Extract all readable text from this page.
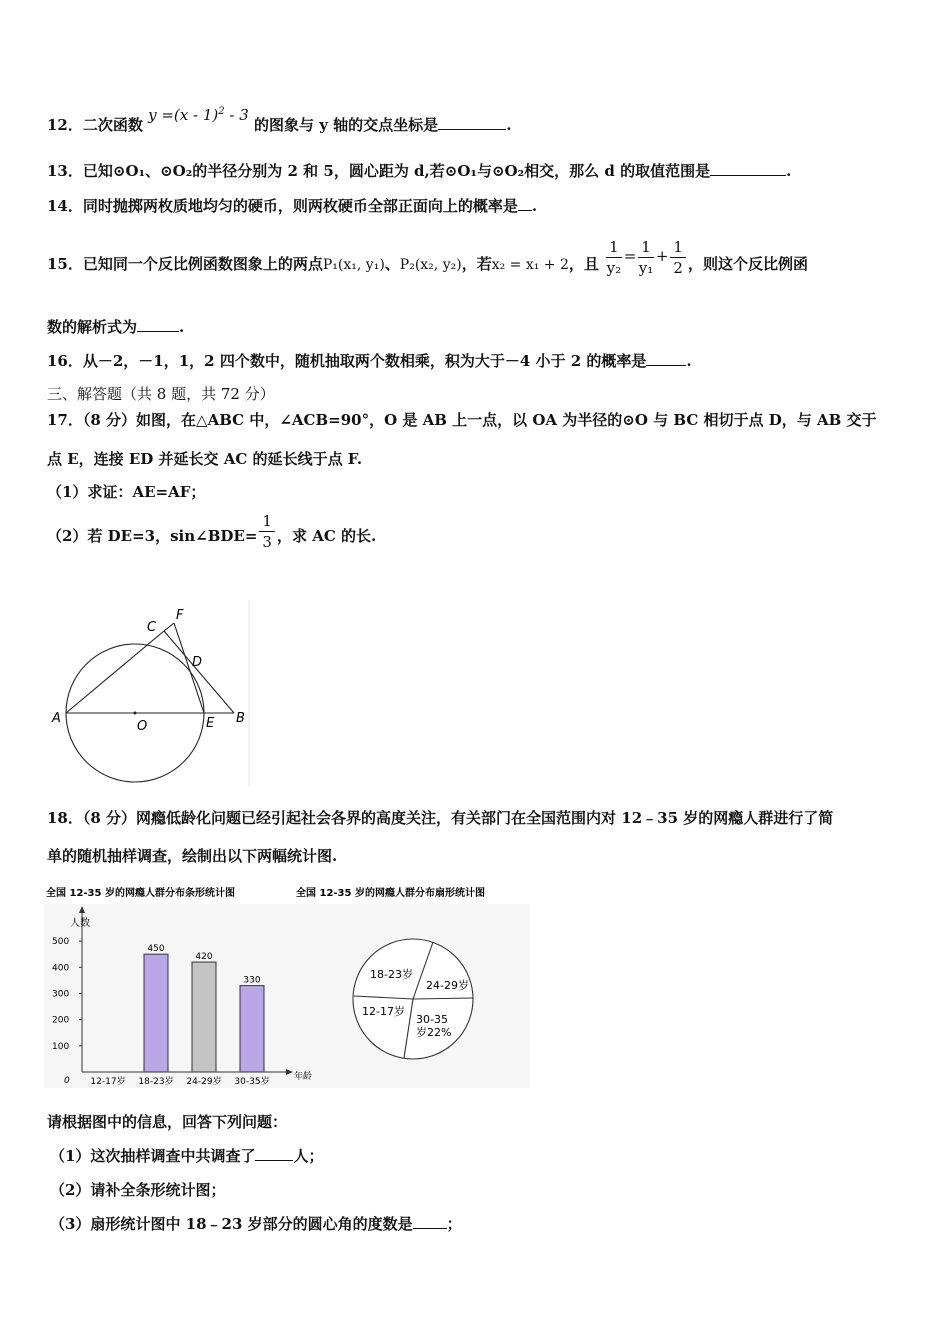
12．二次函数 y =(x - 1)$^2$ - 3 的图象与 y 轴的交点坐标是	.
13．已知⊙O₁、⊙O₂的半径分别为 2 和 5，圆心距为 d,若⊙O₁与⊙O₂相交，那么 d 的取值范围是	.
14．同时抛掷两枚质地均匀的硬币，则两枚硬币全部正面向上的概率是 .
15．已知同一个反比例函数图象上的两点P₁(x₁, y₁)、P₂(x₂, y₂)，若x₂ = x₁ + 2，且 $\frac{1}{\text{y₂}} = \frac{1}{\text{y₁}} + \frac{1}{2}$ ，则这个反比例函
数的解析式为	.
16．从－2，－1，1，2 四个数中，随机抽取两个数相乘，积为大于－4 小于 2 的概率是	.
三、解答题（共 8 题，共 72 分）
17．（8 分）如图，在△ABC 中，∠ACB=90°，O 是 AB 上一点，以 OA 为半径的⊙O 与 BC 相切于点 D，与 AB 交于
点 E，连接 ED 并延长交 AC 的延长线于点 F.
（1）求证：AE=AF；
（2）若 DE=3，sin∠BDE= $\frac{1}{3}$ ，求 AC 的长.
A
O	E B
C
D
F
18．（8 分）网瘾低龄化问题已经引起社会各界的高度关注，有关部门在全国范围内对 12﹣35 岁的网瘾人群进行了简
单的随机抽样调查，绘制出以下两幅统计图.
全国 12-35 岁的网瘾人群分布条形统计图	全国 12-35 岁的网瘾人群分布扇形统计图
人数
年龄
0
100
200
300
400
500
450
420
330
12-17岁 18-23岁 24-29岁 30-35岁
18-23岁
24-29岁
12-17岁
30-35
岁22%
请根据图中的信息，回答下列问题：
（1）这次抽样调查中共调查了	人；
（2）请补全条形统计图；
（3）扇形统计图中 18﹣23 岁部分的圆心角的度数是 ；
